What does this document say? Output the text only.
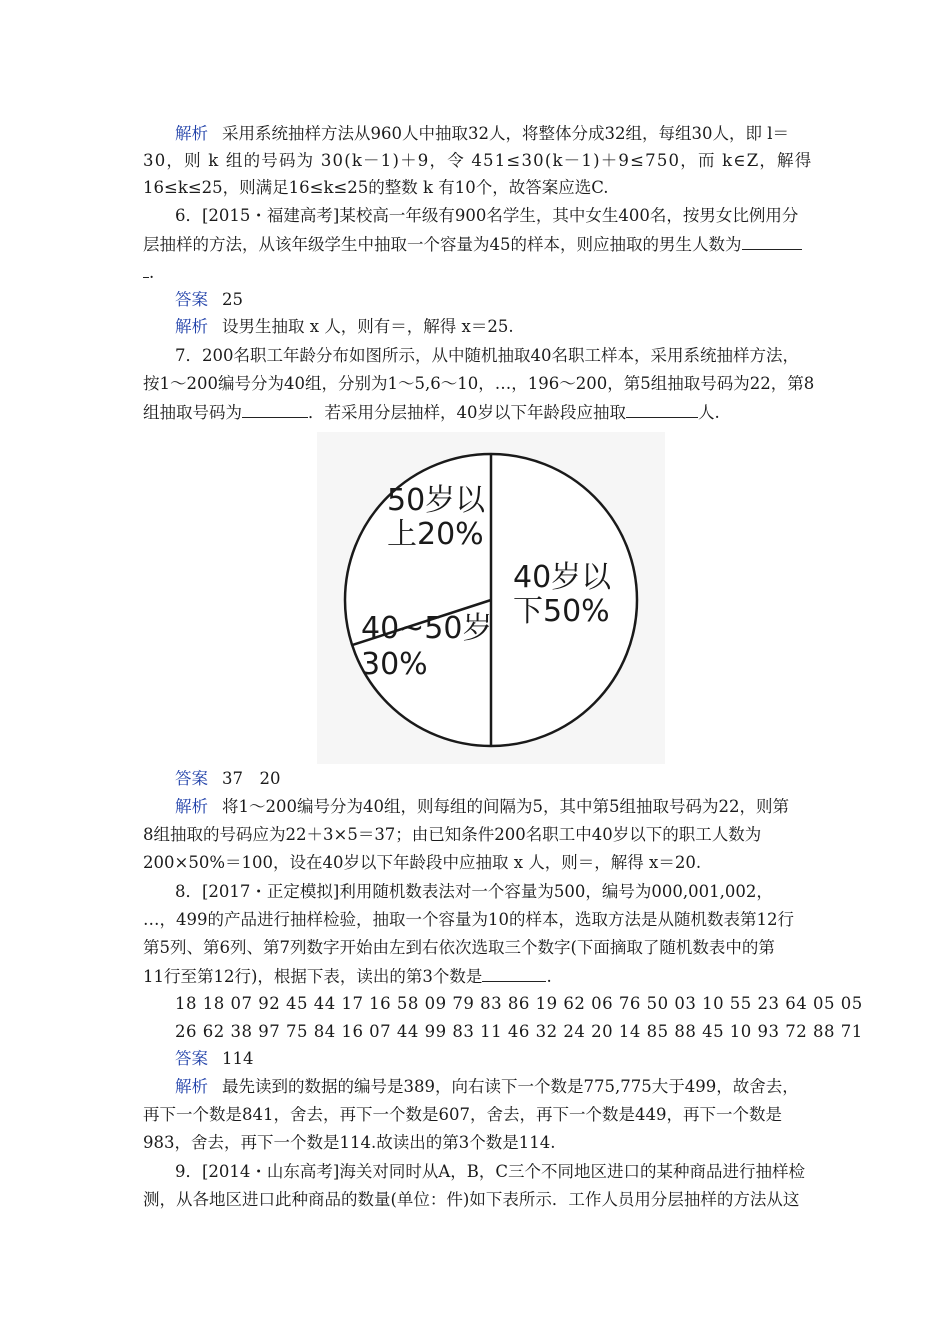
解析 采用系统抽样方法从960人中抽取32人，将整体分成32组，每组30人，即 l＝
30，则 k 组的号码为 30(k－1)＋9，令 451≤30(k－1)＋9≤750，而 k∈Z，解得
16≤k≤25，则满足16≤k≤25的整数 k 有10个，故答案应选C.
6．[2015・福建高考]某校高一年级有900名学生，其中女生400名，按男女比例用分
层抽样的方法，从该年级学生中抽取一个容量为45的样本，则应抽取的男生人数为
.
答案 25
解析 设男生抽取 x 人，则有＝，解得 x＝25.
7．200名职工年龄分布如图所示，从中随机抽取40名职工样本，采用系统抽样方法，
按1～200编号分为40组，分别为1～5,6～10，…，196～200，第5组抽取号码为22，第8
组抽取号码为	．若采用分层抽样，40岁以下年龄段应抽取	人.
40岁以
下50%
50岁以
上20%
40~50岁
30%
答案 37　20
解析 将1～200编号分为40组，则每组的间隔为5，其中第5组抽取号码为22，则第
8组抽取的号码应为22＋3×5＝37；由已知条件200名职工中40岁以下的职工人数为
200×50%＝100，设在40岁以下年龄段中应抽取 x 人，则＝，解得 x＝20.
8．[2017・正定模拟]利用随机数表法对一个容量为500，编号为000,001,002，
…，499的产品进行抽样检验，抽取一个容量为10的样本，选取方法是从随机数表第12行
第5列、第6列、第7列数字开始由左到右依次选取三个数字(下面摘取了随机数表中的第
11行至第12行)，根据下表，读出的第3个数是	.
18 18 07 92 45 44 17 16 58 09 79 83 86 19 62 06 76 50 03 10 55 23 64 05 05
26 62 38 97 75 84 16 07 44 99 83 11 46 32 24 20 14 85 88 45 10 93 72 88 71
答案 114
解析 最先读到的数据的编号是389，向右读下一个数是775,775大于499，故舍去，
再下一个数是841，舍去，再下一个数是607，舍去，再下一个数是449，再下一个数是
983，舍去，再下一个数是114.故读出的第3个数是114.
9．[2014・山东高考]海关对同时从A，B，C三个不同地区进口的某种商品进行抽样检
测，从各地区进口此种商品的数量(单位：件)如下表所示．工作人员用分层抽样的方法从这
